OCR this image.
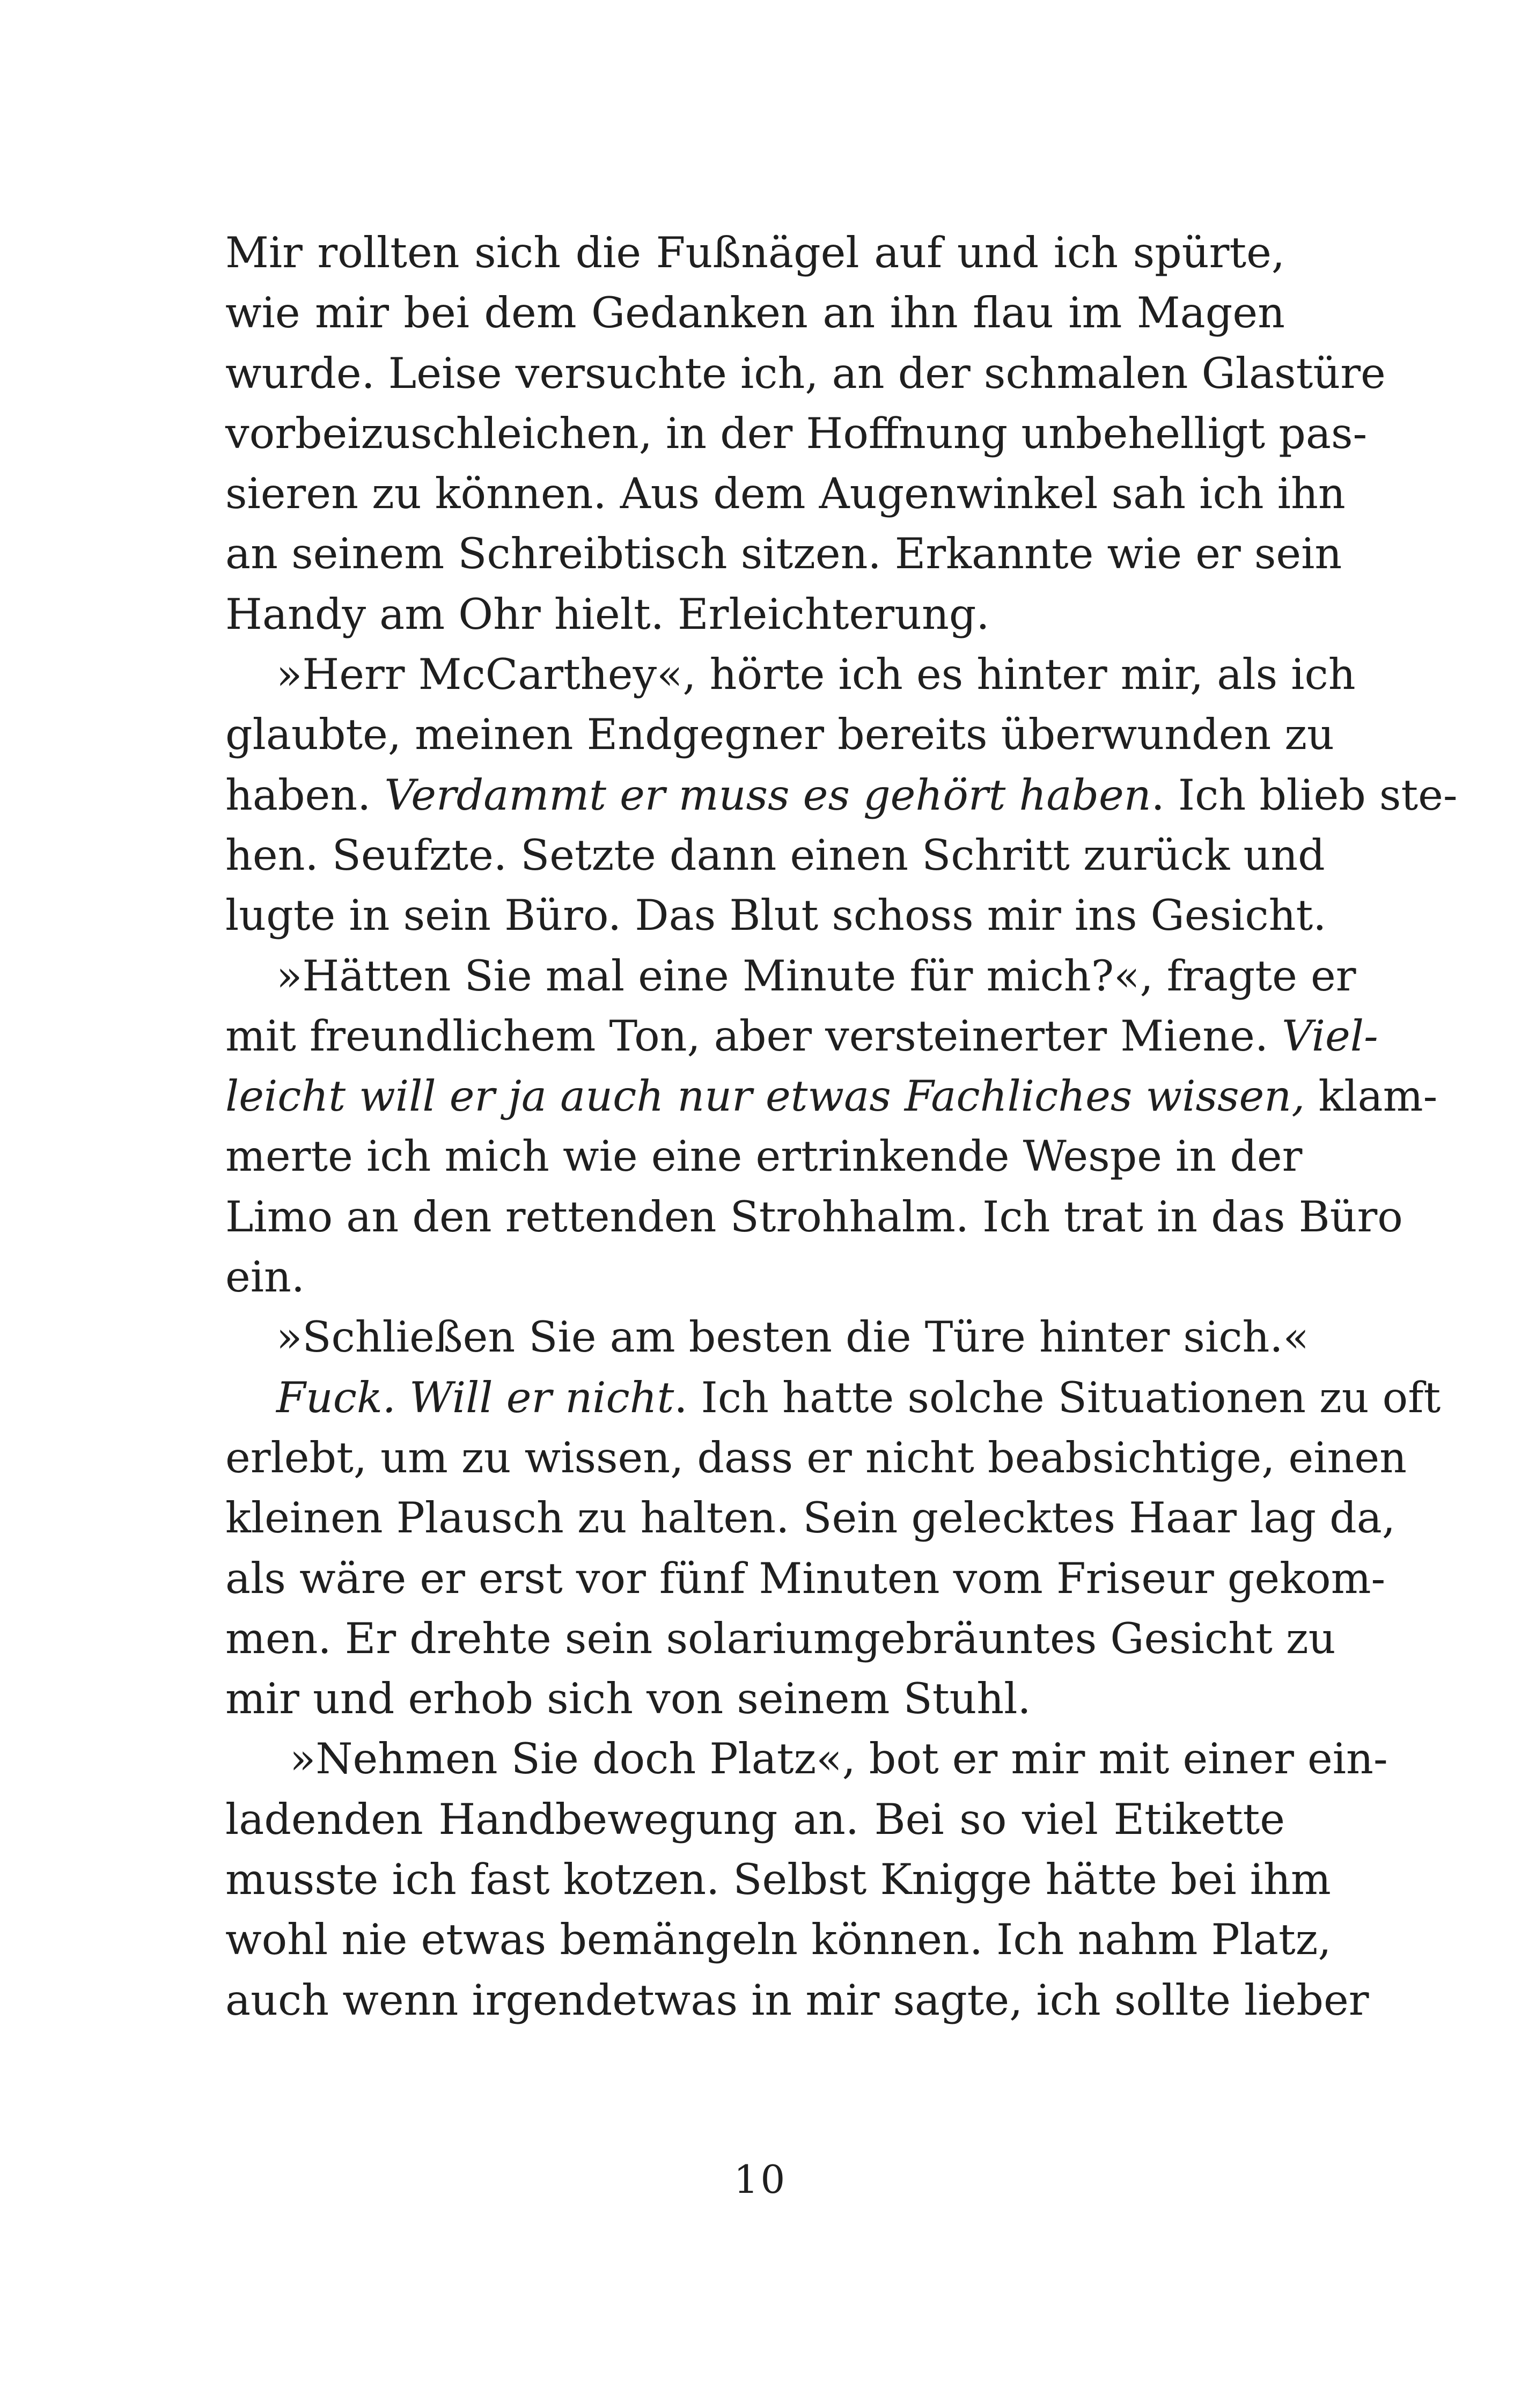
Mir rollten sich die Fußnägel auf und ich spürte,
wie mir bei dem Gedanken an ihn flau im Magen
wurde. Leise versuchte ich, an der schmalen Glastüre
vorbeizuschleichen, in der Hoffnung unbehelligt pas-
sieren zu können. Aus dem Augenwinkel sah ich ihn
an seinem Schreibtisch sitzen. Erkannte wie er sein
Handy am Ohr hielt. Erleichterung.
»Herr McCarthey«, hörte ich es hinter mir, als ich
glaubte, meinen Endgegner bereits überwunden zu
haben. Verdammt er muss es gehört haben. Ich blieb ste-
hen. Seufzte. Setzte dann einen Schritt zurück und
lugte in sein Büro. Das Blut schoss mir ins Gesicht.
»Hätten Sie mal eine Minute für mich?«, fragte er
mit freundlichem Ton, aber versteinerter Miene. Viel-
leicht will er ja auch nur etwas Fachliches wissen, klam-
merte ich mich wie eine ertrinkende Wespe in der
Limo an den rettenden Strohhalm. Ich trat in das Büro
ein.
»Schließen Sie am besten die Türe hinter sich.«
Fuck. Will er nicht. Ich hatte solche Situationen zu oft
erlebt, um zu wissen, dass er nicht beabsichtige, einen
kleinen Plausch zu halten. Sein gelecktes Haar lag da,
als wäre er erst vor fünf Minuten vom Friseur gekom-
men. Er drehte sein solariumgebräuntes Gesicht zu
mir und erhob sich von seinem Stuhl.
»Nehmen Sie doch Platz«, bot er mir mit einer ein-
ladenden Handbewegung an. Bei so viel Etikette
musste ich fast kotzen. Selbst Knigge hätte bei ihm
wohl nie etwas bemängeln können. Ich nahm Platz,
auch wenn irgendetwas in mir sagte, ich sollte lieber
10
